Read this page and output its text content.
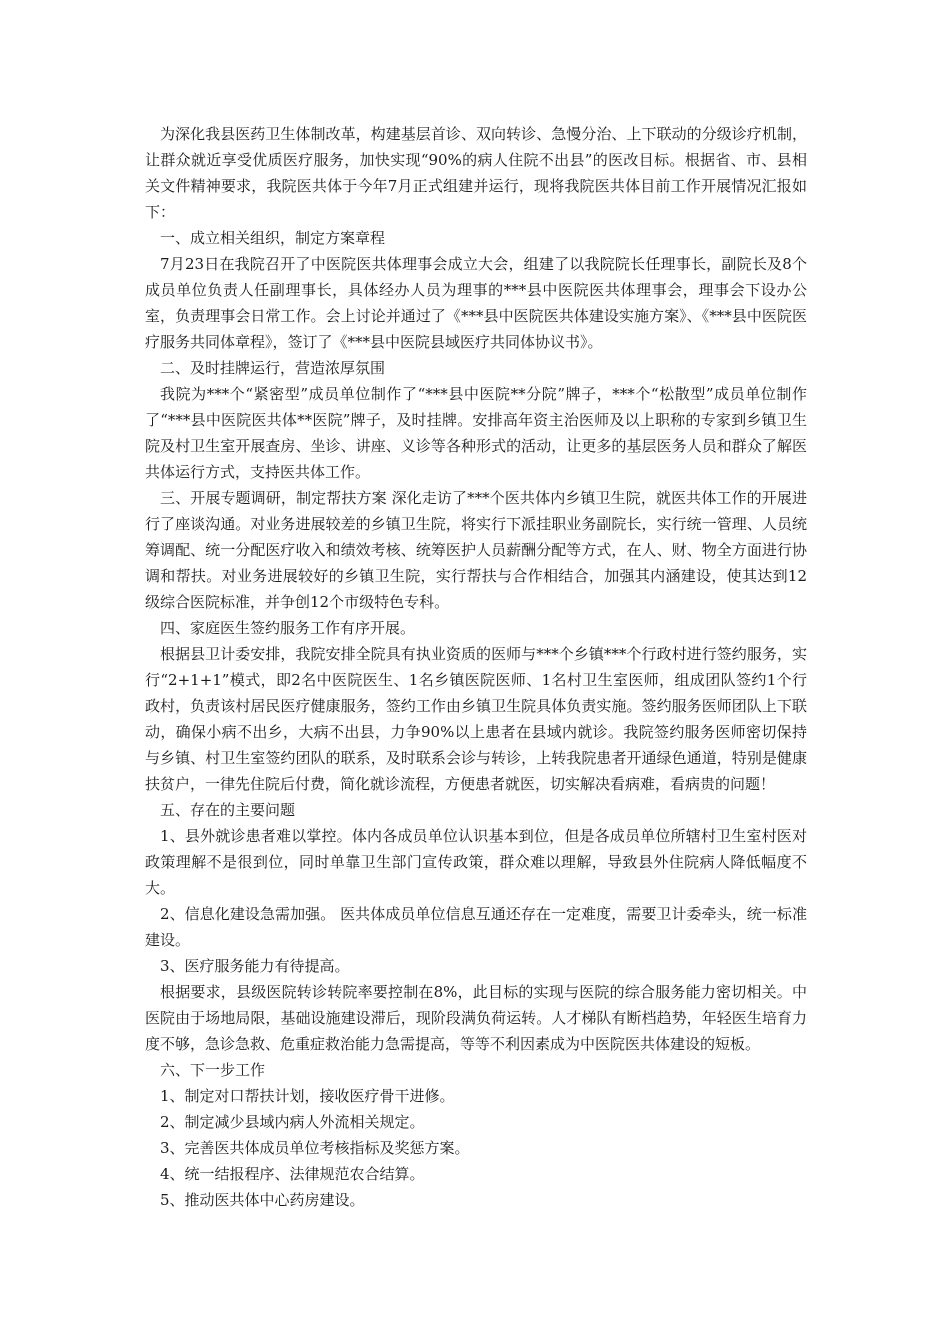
为深化我县医药卫生体制改革，构建基层首诊、双向转诊、急慢分治、上下联动的分级诊疗机制，让群众就近享受优质医疗服务，加快实现“90%的病人住院不出县”的医改目标。根据省、市、县相关文件精神要求，我院医共体于今年7月正式组建并运行，现将我院医共体目前工作开展情况汇报如下：

一、成立相关组织，制定方案章程

7月23日在我院召开了中医院医共体理事会成立大会，组建了以我院院长任理事长，副院长及8个成员单位负责人任副理事长，具体经办人员为理事的***县中医院医共体理事会，理事会下设办公室，负责理事会日常工作。会上讨论并通过了《***县中医院医共体建设实施方案》、《***县中医院医疗服务共同体章程》，签订了《***县中医院县域医疗共同体协议书》。

二、及时挂牌运行，营造浓厚氛围

我院为***个“紧密型”成员单位制作了“***县中医院**分院”牌子，***个“松散型”成员单位制作了“***县中医院医共体**医院”牌子，及时挂牌。安排高年资主治医师及以上职称的专家到乡镇卫生院及村卫生室开展查房、坐诊、讲座、义诊等各种形式的活动，让更多的基层医务人员和群众了解医共体运行方式，支持医共体工作。

三、开展专题调研，制定帮扶方案 深化走访了***个医共体内乡镇卫生院，就医共体工作的开展进行了座谈沟通。对业务进展较差的乡镇卫生院，将实行下派挂职业务副院长，实行统一管理、人员统筹调配、统一分配医疗收入和绩效考核、统筹医护人员薪酬分配等方式，在人、财、物全方面进行协调和帮扶。对业务进展较好的乡镇卫生院，实行帮扶与合作相结合，加强其内涵建设，使其达到12级综合医院标准，并争创12个市级特色专科。

四、家庭医生签约服务工作有序开展。

根据县卫计委安排，我院安排全院具有执业资质的医师与***个乡镇***个行政村进行签约服务，实行“2+1+1”模式，即2名中医院医生、1名乡镇医院医师、1名村卫生室医师，组成团队签约1个行政村，负责该村居民医疗健康服务，签约工作由乡镇卫生院具体负责实施。签约服务医师团队上下联动，确保小病不出乡，大病不出县，力争90%以上患者在县域内就诊。我院签约服务医师密切保持与乡镇、村卫生室签约团队的联系，及时联系会诊与转诊，上转我院患者开通绿色通道，特别是健康扶贫户，一律先住院后付费，简化就诊流程，方便患者就医，切实解决看病难，看病贵的问题！

五、存在的主要问题

1、县外就诊患者难以掌控。体内各成员单位认识基本到位，但是各成员单位所辖村卫生室村医对政策理解不是很到位，同时单靠卫生部门宣传政策，群众难以理解，导致县外住院病人降低幅度不大。

2、信息化建设急需加强。 医共体成员单位信息互通还存在一定难度，需要卫计委牵头，统一标准建设。

3、医疗服务能力有待提高。

根据要求，县级医院转诊转院率要控制在8%，此目标的实现与医院的综合服务能力密切相关。中医院由于场地局限，基础设施建设滞后，现阶段满负荷运转。人才梯队有断档趋势，年轻医生培育力度不够，急诊急救、危重症救治能力急需提高，等等不利因素成为中医院医共体建设的短板。

六、下一步工作

1、制定对口帮扶计划，接收医疗骨干进修。

2、制定减少县域内病人外流相关规定。

3、完善医共体成员单位考核指标及奖惩方案。

4、统一结报程序、法律规范农合结算。

5、推动医共体中心药房建设。
